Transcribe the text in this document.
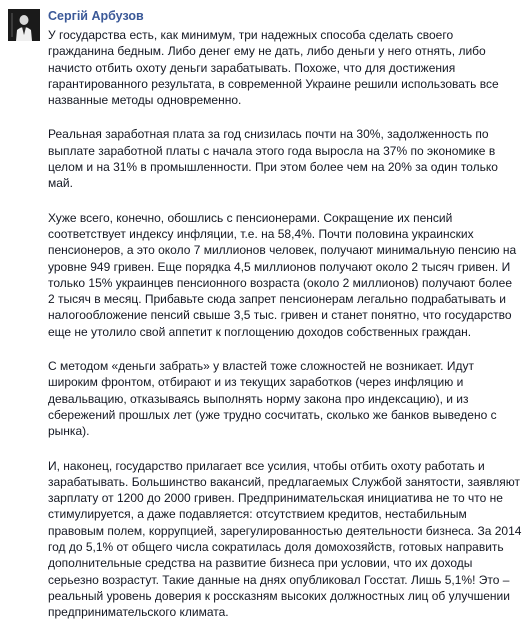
Сергій Арбузов

У государства есть, как минимум, три надежных способа сделать своего гражданина бедным. Либо денег ему не дать, либо деньги у него отнять, либо начисто отбить охоту деньги зарабатывать. Похоже, что для достижения гарантированного результата, в современной Украине решили использовать все названные методы одновременно.

Реальная заработная плата за год снизилась почти на 30%, задолженность по выплате заработной платы с начала этого года выросла на 37% по экономике в целом и на 31% в промышленности. При этом более чем на 20% за один только май.

Хуже всего, конечно, обошлись с пенсионерами. Сокращение их пенсий соответствует индексу инфляции, т.е. на 58,4%. Почти половина украинских пенсионеров, а это около 7 миллионов человек, получают минимальную пенсию на уровне 949 гривен. Еще порядка 4,5 миллионов получают около 2 тысяч гривен. И только 15% украинцев пенсионного возраста (около 2 миллионов) получают более 2 тысяч в месяц. Прибавьте сюда запрет пенсионерам легально подрабатывать и налогообложение пенсий свыше 3,5 тыс. гривен и станет понятно, что государство еще не утолило свой аппетит к поглощению доходов собственных граждан.

С методом «деньги забрать» у властей тоже сложностей не возникает. Идут широким фронтом, отбирают и из текущих заработков (через инфляцию и девальвацию, отказываясь выполнять норму закона про индексацию), и из сбережений прошлых лет (уже трудно сосчитать, сколько же банков выведено с рынка).

И, наконец, государство прилагает все усилия, чтобы отбить охоту работать и зарабатывать. Большинство вакансий, предлагаемых Службой занятости, заявляют зарплату от 1200 до 2000 гривен. Предпринимательская инициатива не то что не стимулируется, а даже подавляется: отсутствием кредитов, нестабильным правовым полем, коррупцией, зарегулированностью деятельности бизнеса. За 2014 год до 5,1% от общего числа сократилась доля домохозяйств, готовых направить дополнительные средства на развитие бизнеса при условии, что их доходы серьезно возрастут. Такие данные на днях опубликовал Госстат. Лишь 5,1%! Это – реальный уровень доверия к россказням высоких должностных лиц об улучшении предпринимательского климата.
